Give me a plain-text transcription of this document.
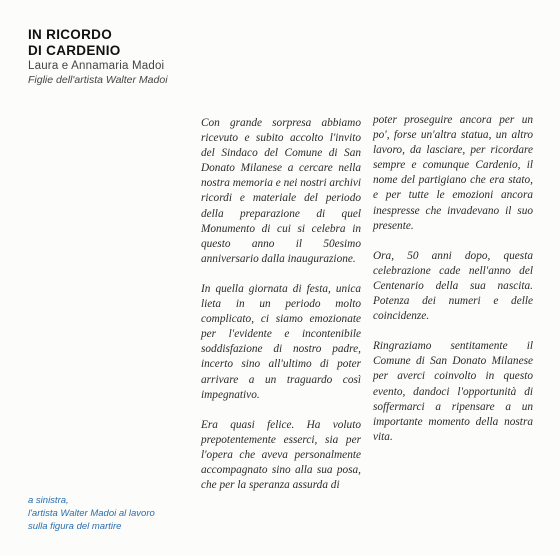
IN RICORDO
DI CARDENIO
Laura e Annamaria Madoi
Figlie dell'artista Walter Madoi
a sinistra,
l'artista Walter Madoi al lavoro
sulla figura del martire

Con grande sorpresa abbiamo ricevuto e subito accolto l'invito del Sindaco del Comune di San Donato Milanese a cercare nella nostra memoria e nei nostri archivi ricordi e materiale del periodo della preparazione di quel Monumento di cui si celebra in questo anno il 50esimo anniversario dalla inaugurazione.

In quella giornata di festa, unica lieta in un periodo molto complicato, ci siamo emozionate per l'evidente e incontenibile soddisfazione di nostro padre, incerto sino all'ultimo di poter arrivare a un traguardo così impegnativo.

Era quasi felice. Ha voluto prepotentemente esserci, sia per l'opera che aveva personalmente accompagnato sino alla sua posa, che per la speranza assurda di

poter proseguire ancora per un po', forse un'altra statua, un altro lavoro, da lasciare, per ricordare sempre e comunque Cardenio, il nome del partigiano che era stato, e per tutte le emozioni ancora inespresse che invadevano il suo presente.

Ora, 50 anni dopo, questa celebrazione cade nell'anno del Centenario della sua nascita. Potenza dei numeri e delle coincidenze.

Ringraziamo sentitamente il Comune di San Donato Milanese per averci coinvolto in questo evento, dandoci l'opportunità di soffermarci a ripensare a un importante momento della nostra vita.
